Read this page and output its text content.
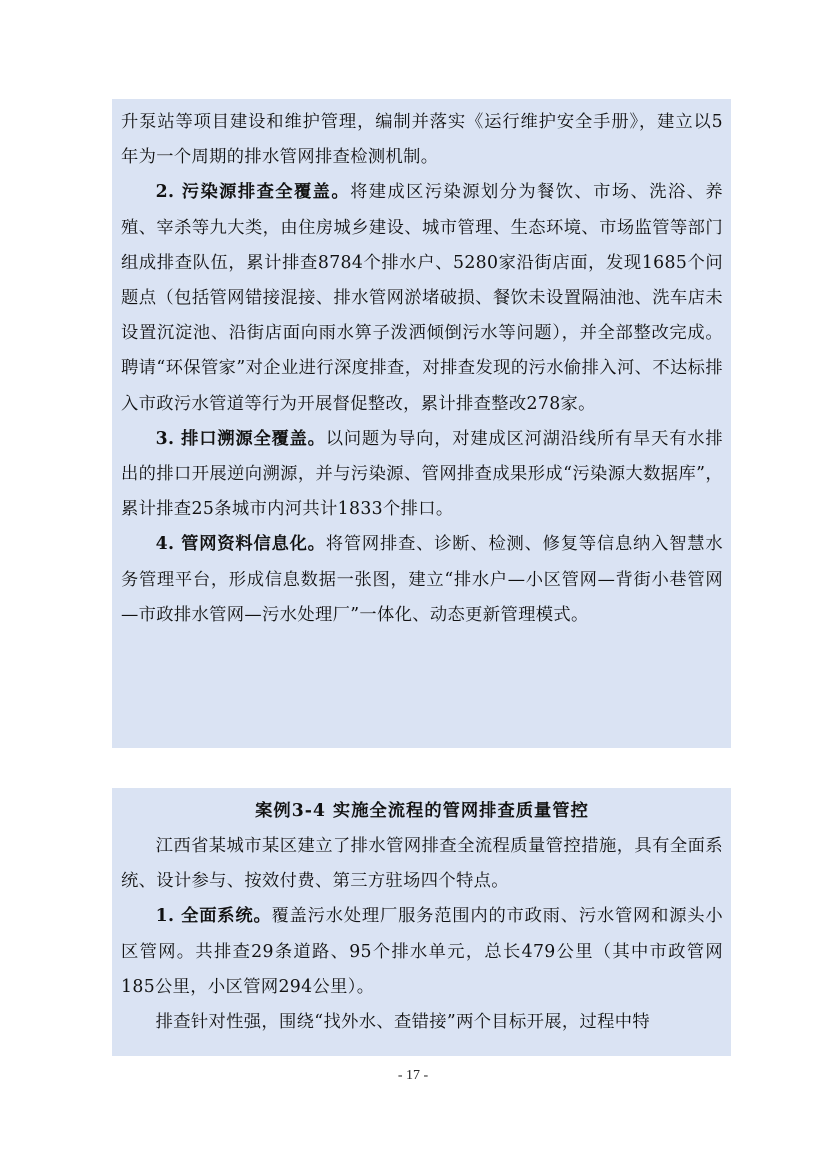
升泵站等项目建设和维护管理，编制并落实《运行维护安全手册》，建立以5年为一个周期的排水管网排查检测机制。

2. 污染源排查全覆盖。将建成区污染源划分为餐饮、市场、洗浴、养殖、宰杀等九大类，由住房城乡建设、城市管理、生态环境、市场监管等部门组成排查队伍，累计排查8784个排水户、5280家沿街店面，发现1685个问题点（包括管网错接混接、排水管网淤堵破损、餐饮未设置隔油池、洗车店未设置沉淀池、沿街店面向雨水箅子泼洒倾倒污水等问题），并全部整改完成。聘请“环保管家”对企业进行深度排查，对排查发现的污水偷排入河、不达标排入市政污水管道等行为开展督促整改，累计排查整改278家。

3. 排口溯源全覆盖。以问题为导向，对建成区河湖沿线所有旱天有水排出的排口开展逆向溯源，并与污染源、管网排查成果形成“污染源大数据库”，累计排查25条城市内河共计1833个排口。

4. 管网资料信息化。将管网排查、诊断、检测、修复等信息纳入智慧水务管理平台，形成信息数据一张图，建立“排水户—小区管网—背街小巷管网—市政排水管网—污水处理厂”一体化、动态更新管理模式。

案例3-4 实施全流程的管网排查质量管控

江西省某城市某区建立了排水管网排查全流程质量管控措施，具有全面系统、设计参与、按效付费、第三方驻场四个特点。

1. 全面系统。覆盖污水处理厂服务范围内的市政雨、污水管网和源头小区管网。共排查29条道路、95个排水单元，总长479公里（其中市政管网185公里，小区管网294公里）。

排查针对性强，围绕“找外水、查错接”两个目标开展，过程中特

- 17 -
